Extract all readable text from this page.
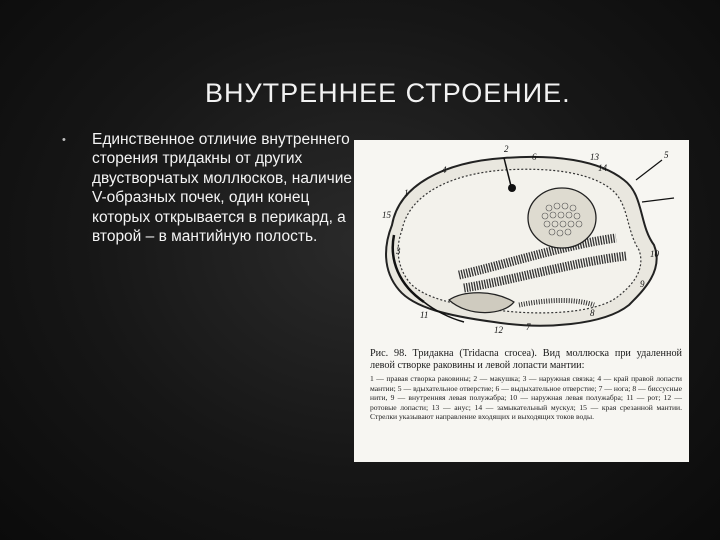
ВНУТРЕННЕЕ СТРОЕНИЕ.
• Единственное отличие внутреннего сторения тридакны от других двустворчатых моллюсков, наличие V-образных почек, один конец которых открывается в перикард, а второй – в мантийную полость.
1
2
3
4
5
6
7
8
9
10
11
12
13
14
15
Рис. 98. Тридакна (Tridacna crocea). Вид моллюска при удаленной левой створке раковины и левой лопасти мантии:
1 — правая створка раковины; 2 — макушка; 3 — наружная связка; 4 — край правой лопасти мантии; 5 — вдыхательное отверстие; 6 — выдыхательное отверстие; 7 — нога; 8 — биссусные нити, 9 — внутренняя левая полужабра; 10 — наружная левая полужабра; 11 — рот; 12 — ротовые лопасти; 13 — анус; 14 — замыкательный мускул; 15 — края срезанной мантии. Стрелки указывают направление входящих и выходящих токов воды.
